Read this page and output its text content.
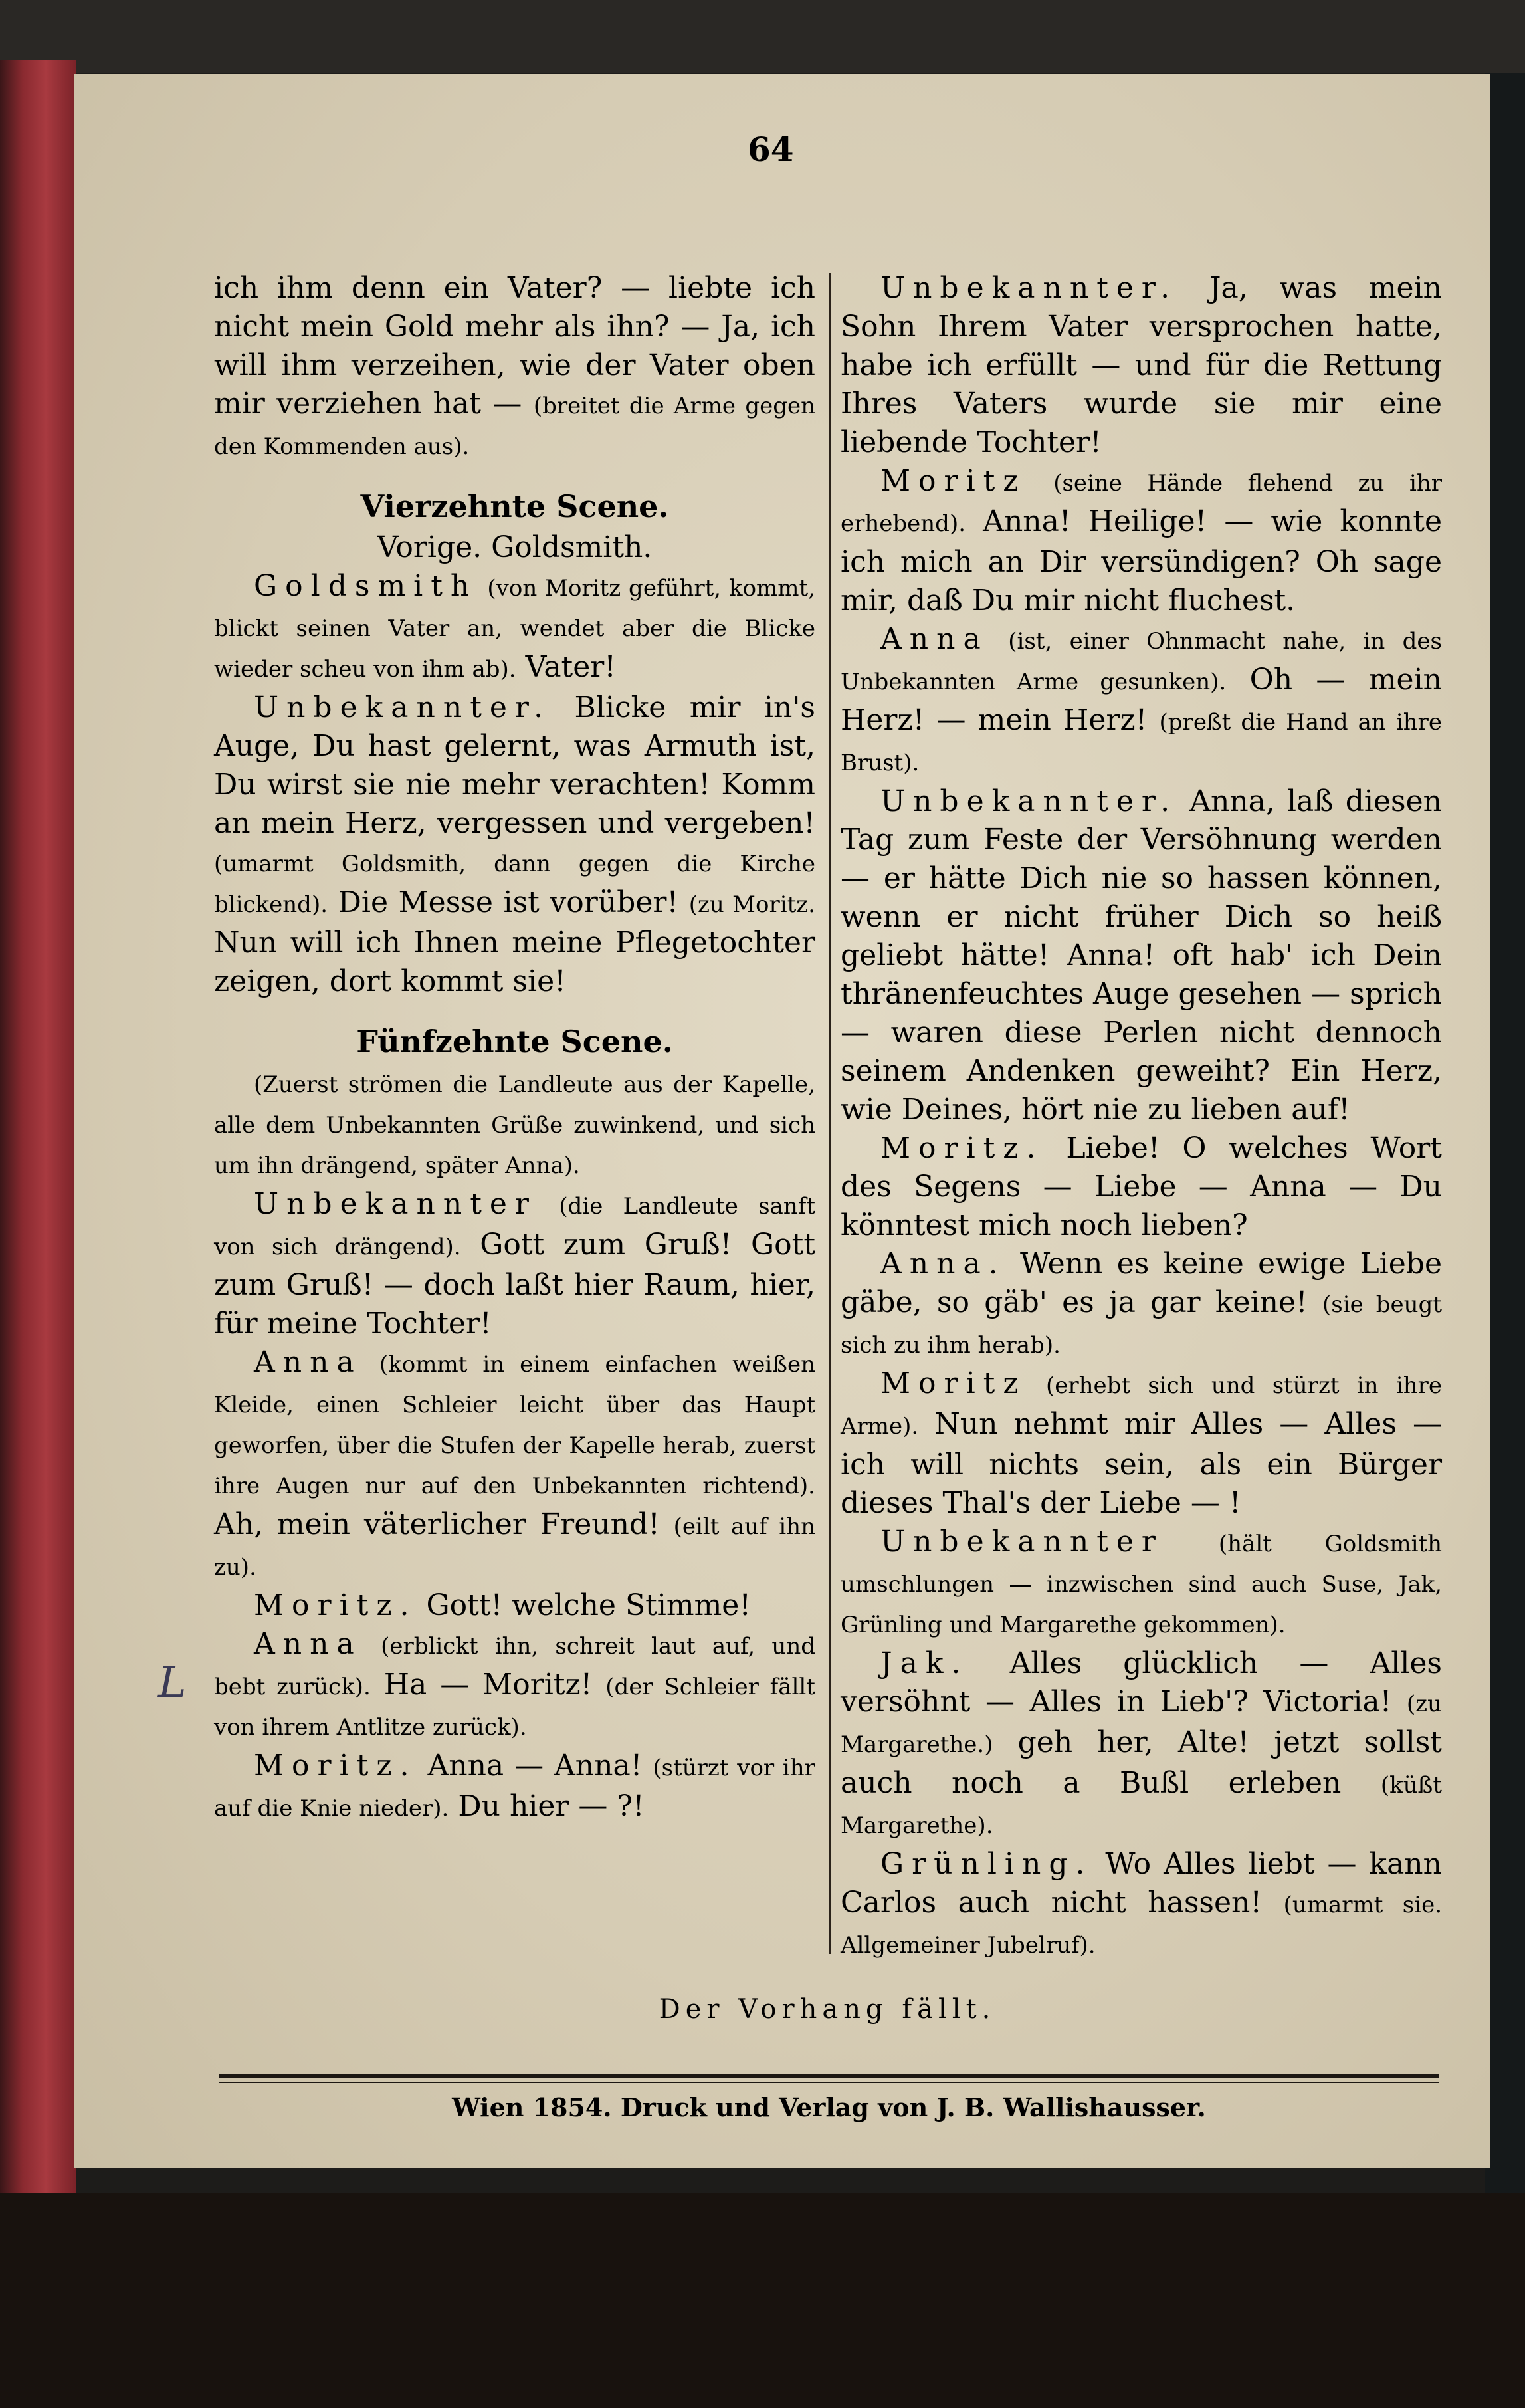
64

ich ihm denn ein Vater? — liebte ich nicht mein Gold mehr als ihn? — Ja, ich will ihm verzeihen, wie der Vater oben mir verziehen hat — (breitet die Arme gegen den Kommenden aus).

Vierzehnte Scene.

Vorige. Goldsmith.

Goldsmith (von Moritz geführt, kommt, blickt seinen Vater an, wendet aber die Blicke wieder scheu von ihm ab). Vater!

Unbekannter. Blicke mir in's Auge, Du hast gelernt, was Armuth ist, Du wirst sie nie mehr verachten! Komm an mein Herz, vergessen und vergeben! (umarmt Goldsmith, dann gegen die Kirche blickend). Die Messe ist vorüber! (zu Moritz. Nun will ich Ihnen meine Pflegetochter zeigen, dort kommt sie!

Fünfzehnte Scene.

(Zuerst strömen die Landleute aus der Kapelle, alle dem Unbekannten Grüße zuwinkend, und sich um ihn drängend, später Anna).

Unbekannter (die Landleute sanft von sich drängend). Gott zum Gruß! Gott zum Gruß! — doch laßt hier Raum, hier, für meine Tochter!

Anna (kommt in einem einfachen weißen Kleide, einen Schleier leicht über das Haupt geworfen, über die Stufen der Kapelle herab, zuerst ihre Augen nur auf den Unbekannten richtend). Ah, mein väterlicher Freund! (eilt auf ihn zu).

Moritz. Gott! welche Stimme!

Anna (erblickt ihn, schreit laut auf, und bebt zurück). Ha — Moritz! (der Schleier fällt von ihrem Antlitze zurück).

Moritz. Anna — Anna! (stürzt vor ihr auf die Knie nieder). Du hier — ?!

Unbekannter. Ja, was mein Sohn Ihrem Vater versprochen hatte, habe ich erfüllt — und für die Rettung Ihres Vaters wurde sie mir eine liebende Tochter!

Moritz (seine Hände flehend zu ihr erhebend). Anna! Heilige! — wie konnte ich mich an Dir versündigen? Oh sage mir, daß Du mir nicht fluchest.

Anna (ist, einer Ohnmacht nahe, in des Unbekannten Arme gesunken). Oh — mein Herz! — mein Herz! (preßt die Hand an ihre Brust).

Unbekannter. Anna, laß diesen Tag zum Feste der Versöhnung werden — er hätte Dich nie so hassen können, wenn er nicht früher Dich so heiß geliebt hätte! Anna! oft hab' ich Dein thränenfeuchtes Auge gesehen — sprich — waren diese Perlen nicht dennoch seinem Andenken geweiht? Ein Herz, wie Deines, hört nie zu lieben auf!

Moritz. Liebe! O welches Wort des Segens — Liebe — Anna — Du könntest mich noch lieben?

Anna. Wenn es keine ewige Liebe gäbe, so gäb' es ja gar keine! (sie beugt sich zu ihm herab).

Moritz (erhebt sich und stürzt in ihre Arme). Nun nehmt mir Alles — Alles — ich will nichts sein, als ein Bürger dieses Thal's der Liebe — !

Unbekannter (hält Goldsmith umschlungen — inzwischen sind auch Suse, Jak, Grünling und Margarethe gekommen).

Jak. Alles glücklich — Alles versöhnt — Alles in Lieb'? Victoria! (zu Margarethe.) geh her, Alte! jetzt sollst auch noch a Bußl erleben (küßt Margarethe).

Grünling. Wo Alles liebt — kann Carlos auch nicht hassen! (umarmt sie. Allgemeiner Jubelruf).

L
Der Vorhang fällt.
Wien 1854. Druck und Verlag von J. B. Wallishausser.
